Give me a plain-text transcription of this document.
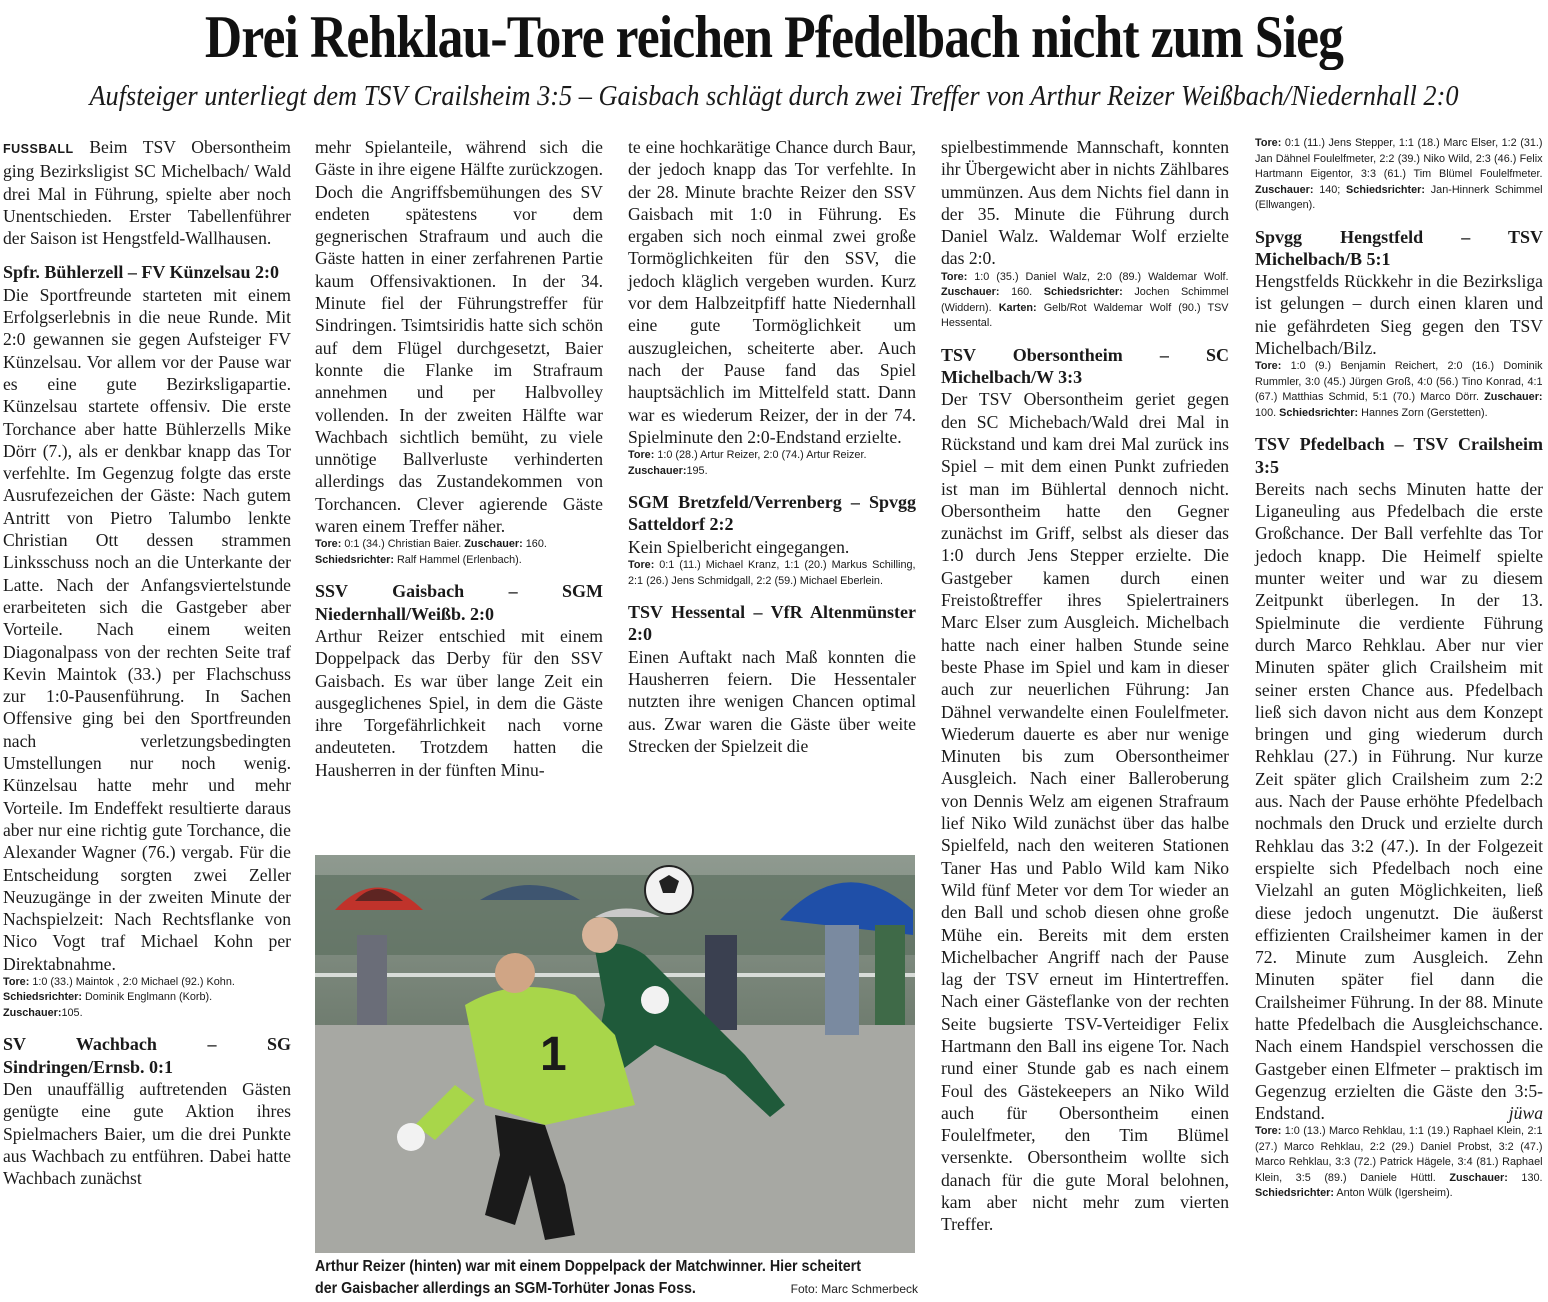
Drei Rehklau-Tore reichen Pfedelbach nicht zum Sieg
Aufsteiger unterliegt dem TSV Crailsheim 3:5 – Gaisbach schlägt durch zwei Treffer von Arthur Reizer Weißbach/Niedernhall 2:0

FUSSBALL Beim TSV Obersontheim ging Bezirksligist SC Michelbach/ Wald drei Mal in Führung, spielte aber noch Unentschieden. Erster Tabellenführer der Saison ist Hengstfeld-Wallhausen.

Spfr. Bühlerzell – FV Künzelsau 2:0

Die Sportfreunde starteten mit einem Erfolgserlebnis in die neue Runde. Mit 2:0 gewannen sie gegen Aufsteiger FV Künzelsau. Vor allem vor der Pause war es eine gute Bezirksligapartie. Künzelsau startete offensiv. Die erste Torchance aber hatte Bühlerzells Mike Dörr (7.), als er denkbar knapp das Tor verfehlte. Im Gegenzug folgte das erste Ausrufezeichen der Gäste: Nach gutem Antritt von Pietro Talumbo lenkte Christian Ott dessen strammen Linksschuss noch an die Unterkante der Latte. Nach der Anfangsviertelstunde erarbeiteten sich die Gastgeber aber Vorteile. Nach einem weiten Diagonalpass von der rechten Seite traf Kevin Maintok (33.) per Flachschuss zur 1:0-Pausenführung. In Sachen Offensive ging bei den Sportfreunden nach verletzungsbedingten Umstellungen nur noch wenig. Künzelsau hatte mehr und mehr Vorteile. Im Endeffekt resultierte daraus aber nur eine richtig gute Torchance, die Alexander Wagner (76.) vergab. Für die Entscheidung sorgten zwei Zeller Neuzugänge in der zweiten Minute der Nachspielzeit: Nach Rechtsflanke von Nico Vogt traf Michael Kohn per Direktabnahme.

Tore: 1:0 (33.) Maintok , 2:0 Michael (92.) Kohn.
Schiedsrichter: Dominik Englmann (Korb).
Zuschauer:105.

SV Wachbach – SG Sindringen/Ernsb. 0:1

Den unauffällig auftretenden Gästen genügte eine gute Aktion ihres Spielmachers Baier, um die drei Punkte aus Wachbach zu entführen. Dabei hatte Wachbach zunächst

mehr Spielanteile, während sich die Gäste in ihre eigene Hälfte zurückzogen. Doch die Angriffsbemühungen des SV endeten spätestens vor dem gegnerischen Strafraum und auch die Gäste hatten in einer zerfahrenen Partie kaum Offensivaktionen. In der 34. Minute fiel der Führungstreffer für Sindringen. Tsimtsiridis hatte sich schön auf dem Flügel durchgesetzt, Baier konnte die Flanke im Strafraum annehmen und per Halbvolley vollenden. In der zweiten Hälfte war Wachbach sichtlich bemüht, zu viele unnötige Ballverluste verhinderten allerdings das Zustandekommen von Torchancen. Clever agierende Gäste waren einem Treffer näher.

Tore: 0:1 (34.) Christian Baier. Zuschauer: 160.
Schiedsrichter: Ralf Hammel (Erlenbach).

SSV Gaisbach – SGM Niedernhall/Weißb. 2:0

Arthur Reizer entschied mit einem Doppelpack das Derby für den SSV Gaisbach. Es war über lange Zeit ein ausgeglichenes Spiel, in dem die Gäste ihre Torgefährlichkeit nach vorne andeuteten. Trotzdem hatten die Hausherren in der fünften Minu-

te eine hochkarätige Chance durch Baur, der jedoch knapp das Tor verfehlte. In der 28. Minute brachte Reizer den SSV Gaisbach mit 1:0 in Führung. Es ergaben sich noch einmal zwei große Tormöglichkeiten für den SSV, die jedoch kläglich vergeben wurden. Kurz vor dem Halbzeitpfiff hatte Niedernhall eine gute Tormöglichkeit um auszugleichen, scheiterte aber. Auch nach der Pause fand das Spiel hauptsächlich im Mittelfeld statt. Dann war es wiederum Reizer, der in der 74. Spielminute den 2:0-Endstand erzielte.

Tore: 1:0 (28.) Artur Reizer, 2:0 (74.) Artur Reizer.
Zuschauer:195.

SGM Bretzfeld/Verrenberg – Spvgg Satteldorf 2:2

Kein Spielbericht eingegangen.

Tore: 0:1 (11.) Michael Kranz, 1:1 (20.) Markus Schilling, 2:1 (26.) Jens Schmidgall, 2:2 (59.) Michael Eberlein.

TSV Hessental – VfR Altenmünster 2:0

Einen Auftakt nach Maß konnten die Hausherren feiern. Die Hessentaler nutzten ihre wenigen Chancen optimal aus. Zwar waren die Gäste über weite Strecken der Spielzeit die

spielbestimmende Mannschaft, konnten ihr Übergewicht aber in nichts Zählbares ummünzen. Aus dem Nichts fiel dann in der 35. Minute die Führung durch Daniel Walz. Waldemar Wolf erzielte das 2:0.

Tore: 1:0 (35.) Daniel Walz, 2:0 (89.) Waldemar Wolf. Zuschauer: 160. Schiedsrichter: Jochen Schimmel (Widdern). Karten: Gelb/Rot Waldemar Wolf (90.) TSV Hessental.

TSV Obersontheim – SC Michelbach/W 3:3

Der TSV Obersontheim geriet gegen den SC Michebach/Wald drei Mal in Rückstand und kam drei Mal zurück ins Spiel – mit dem einen Punkt zufrieden ist man im Bühlertal dennoch nicht. Obersontheim hatte den Gegner zunächst im Griff, selbst als dieser das 1:0 durch Jens Stepper erzielte. Die Gastgeber kamen durch einen Freistoßtreffer ihres Spielertrainers Marc Elser zum Ausgleich. Michelbach hatte nach einer halben Stunde seine beste Phase im Spiel und kam in dieser auch zur neuerlichen Führung: Jan Dähnel verwandelte einen Foulelfmeter. Wiederum dauerte es aber nur wenige Minuten bis zum Obersontheimer Ausgleich. Nach einer Balleroberung von Dennis Welz am eigenen Strafraum lief Niko Wild zunächst über das halbe Spielfeld, nach den weiteren Stationen Taner Has und Pablo Wild kam Niko Wild fünf Meter vor dem Tor wieder an den Ball und schob diesen ohne große Mühe ein. Bereits mit dem ersten Michelbacher Angriff nach der Pause lag der TSV erneut im Hintertreffen. Nach einer Gästeflanke von der rechten Seite bugsierte TSV-Verteidiger Felix Hartmann den Ball ins eigene Tor. Nach rund einer Stunde gab es nach einem Foul des Gästekeepers an Niko Wild auch für Obersontheim einen Foulelfmeter, den Tim Blümel versenkte. Obersontheim wollte sich danach für die gute Moral belohnen, kam aber nicht mehr zum vierten Treffer.

Tore: 0:1 (11.) Jens Stepper, 1:1 (18.) Marc Elser, 1:2 (31.) Jan Dähnel Foulelfmeter, 2:2 (39.) Niko Wild, 2:3 (46.) Felix Hartmann Eigentor, 3:3 (61.) Tim Blümel Foulelfmeter. Zuschauer: 140; Schiedsrichter: Jan-Hinnerk Schimmel (Ellwangen).

Spvgg Hengstfeld – TSV Michelbach/B 5:1

Hengstfelds Rückkehr in die Bezirksliga ist gelungen – durch einen klaren und nie gefährdeten Sieg gegen den TSV Michelbach/Bilz.

Tore: 1:0 (9.) Benjamin Reichert, 2:0 (16.) Dominik Rummler, 3:0 (45.) Jürgen Groß, 4:0 (56.) Tino Konrad, 4:1 (67.) Matthias Schmid, 5:1 (70.) Marco Dörr. Zuschauer: 100. Schiedsrichter: Hannes Zorn (Gerstetten).

TSV Pfedelbach – TSV Crailsheim 3:5

Bereits nach sechs Minuten hatte der Liganeuling aus Pfedelbach die erste Großchance. Der Ball verfehlte das Tor jedoch knapp. Die Heimelf spielte munter weiter und war zu diesem Zeitpunkt überlegen. In der 13. Spielminute die verdiente Führung durch Marco Rehklau. Aber nur vier Minuten später glich Crailsheim mit seiner ersten Chance aus. Pfedelbach ließ sich davon nicht aus dem Konzept bringen und ging wiederum durch Rehklau (27.) in Führung. Nur kurze Zeit später glich Crailsheim zum 2:2 aus. Nach der Pause erhöhte Pfedelbach nochmals den Druck und erzielte durch Rehklau das 3:2 (47.). In der Folgezeit erspielte sich Pfedelbach noch eine Vielzahl an guten Möglichkeiten, ließ diese jedoch ungenutzt. Die äußerst effizienten Crailsheimer kamen in der 72. Minute zum Ausgleich. Zehn Minuten später fiel dann die Crailsheimer Führung. In der 88. Minute hatte Pfedelbach die Ausgleichschance. Nach einem Handspiel verschossen die Gastgeber einen Elfmeter – praktisch im Gegenzug erzielten die Gäste den 3:5-Endstand.	jüwa

Tore: 1:0 (13.) Marco Rehklau, 1:1 (19.) Raphael Klein, 2:1 (27.) Marco Rehklau, 2:2 (29.) Daniel Probst, 3:2 (47.) Marco Rehklau, 3:3 (72.) Patrick Hägele, 3:4 (81.) Raphael Klein, 3:5 (89.) Daniele Hüttl. Zuschauer: 130. Schiedsrichter: Anton Wülk (Igersheim).

1
Arthur Reizer (hinten) war mit einem Doppelpack der Matchwinner. Hier scheitert der Gaisbacher allerdings an SGM-Torhüter Jonas Foss.	Foto: Marc Schmerbeck
